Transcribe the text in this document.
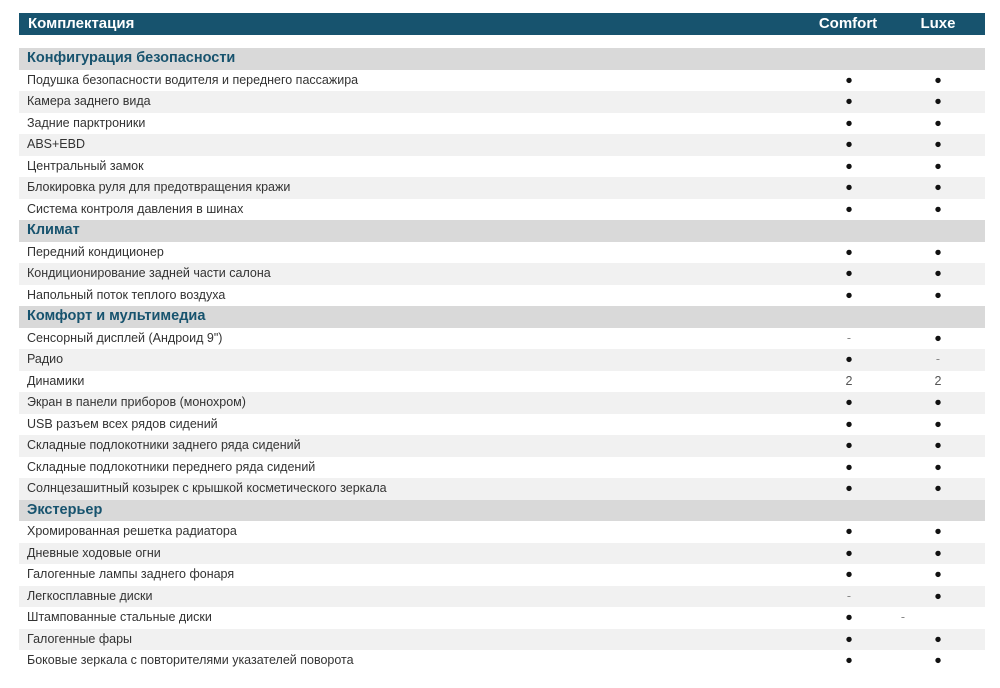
Комплектация	Comfort	Luxe
Конфигурация безопасности
Подушка безопасности водителя и переднего пассажира	●	●
Камера заднего вида	●	●
Задние парктроники	●	●
ABS+EBD	●	●
Центральный замок	●	●
Блокировка руля для предотвращения кражи	●	●
Система контроля давления в шинах	●	●
Климат
Передний кондиционер	●	●
Кондиционирование задней части салона	●	●
Напольный поток теплого воздуха	●	●
Комфорт и мультимедиа
Сенсорный дисплей (Андроид 9")	-	●
Радио	●	-
Динамики	2	2
Экран в панели приборов (монохром)	●	●
USB разъем всех рядов сидений	●	●
Складные подлокотники заднего ряда сидений	●	●
Складные подлокотники переднего ряда сидений	●	●
Солнцезашитный козырек с крышкой косметического зеркала	●	●
Экстерьер
Хромированная решетка радиатора	●	●
Дневные ходовые огни	●	●
Галогенные лампы заднего фонаря	●	●
Легкосплавные диски	-	●
Штампованные стальные диски	●	-
Галогенные фары	●	●
Боковые зеркала с повторителями указателей поворота	●	●
